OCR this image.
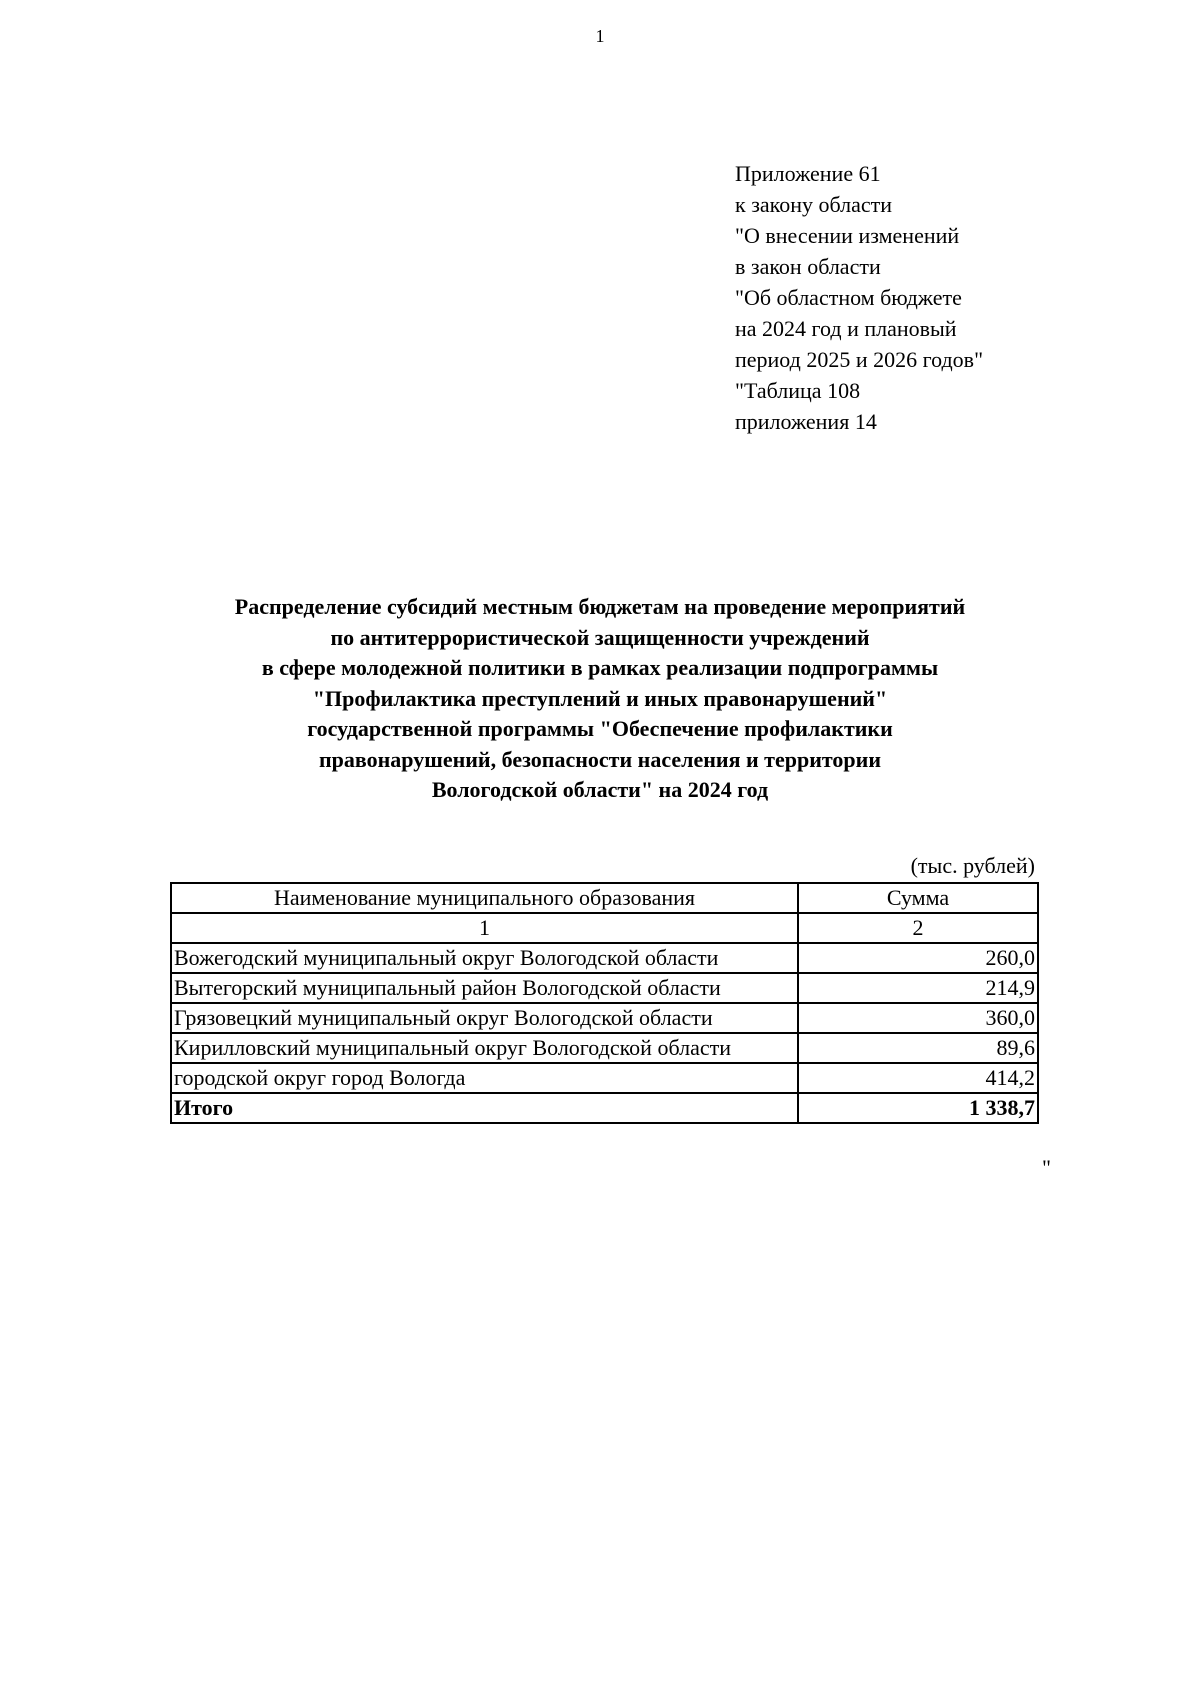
1
Приложение 61
к закону области
"О внесении изменений
в закон области
"Об областном бюджете
на 2024 год и плановый
период 2025 и 2026 годов"
"Таблица 108
приложения 14
Распределение субсидий местным бюджетам на проведение мероприятий
по антитеррористической защищенности учреждений
в сфере молодежной политики в рамках реализации подпрограммы
"Профилактика преступлений и иных правонарушений"
государственной программы "Обеспечение профилактики
правонарушений, безопасности населения и территории
Вологодской области" на 2024 год
(тыс. рублей)
Наименование муниципального образования	Сумма
1	2
Вожегодский муниципальный округ Вологодской области	260,0
Вытегорский муниципальный район Вологодской области	214,9
Грязовецкий муниципальный округ Вологодской области	360,0
Кирилловский муниципальный округ Вологодской области	89,6
городской округ город Вологда	414,2
Итого	1 338,7
"
